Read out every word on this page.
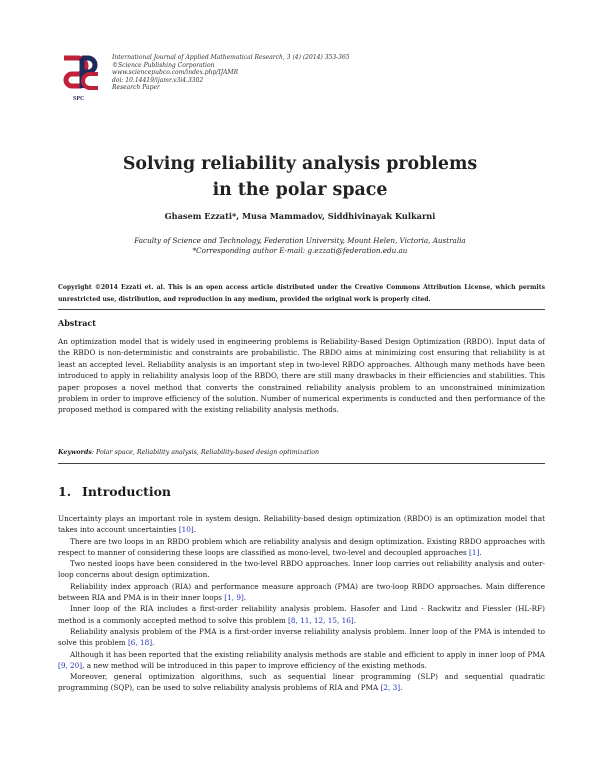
SPC
International Journal of Applied Mathematical Research, 3 (4) (2014) 353-365
©Science Publishing Corporation
www.sciencepubco.com/index.php/IJAMR
doi: 10.14419/ijamr.v3i4.3302
Research Paper
Solving reliability analysis problems
in the polar space
Ghasem Ezzati*, Musa Mammadov, Siddhivinayak Kulkarni
Faculty of Science and Technology, Federation University, Mount Helen, Victoria, Australia
*Corresponding author E-mail: g.ezzati@federation.edu.au
Copyright ©2014 Ezzati et. al. This is an open access article distributed under the Creative Commons Attribution License, which permits unrestricted use, distribution, and reproduction in any medium, provided the original work is properly cited.
Abstract
An optimization model that is widely used in engineering problems is Reliability-Based Design Optimization (RBDO). Input data of the RBDO is non-deterministic and constraints are probabilistic. The RBDO aims at minimizing cost ensuring that reliability is at least an accepted level. Reliability analysis is an important step in two-level RBDO approaches. Although many methods have been introduced to apply in reliability analysis loop of the RBDO, there are still many drawbacks in their efficiencies and stabilities. This paper proposes a novel method that converts the constrained reliability analysis problem to an unconstrained minimization problem in order to improve efficiency of the solution. Number of numerical experiments is conducted and then performance of the proposed method is compared with the existing reliability analysis methods.
Keywords: Polar space, Reliability analysis, Reliability-based design optimization
1. Introduction

Uncertainty plays an important role in system design. Reliability-based design optimization (RBDO) is an optimization model that takes into account uncertainties [10].

There are two loops in an RBDO problem which are reliability analysis and design optimization. Existing RBDO approaches with respect to manner of considering these loops are classified as mono-level, two-level and decoupled approaches [1].

Two nested loops have been considered in the two-level RBDO approaches. Inner loop carries out reliability analysis and outer-loop concerns about design optimization.

Reliability index approach (RIA) and performance measure approach (PMA) are two-loop RBDO approaches. Main difference between RIA and PMA is in their inner loops [1, 9].

Inner loop of the RIA includes a first-order reliability analysis problem. Hasofer and Lind - Rackwitz and Fiessler (HL-RF) method is a commonly accepted method to solve this problem [8, 11, 12, 15, 16].

Reliability analysis problem of the PMA is a first-order inverse reliability analysis problem. Inner loop of the PMA is intended to solve this problem [6, 18].

Although it has been reported that the existing reliability analysis methods are stable and efficient to apply in inner loop of PMA [9, 20], a new method will be introduced in this paper to improve efficiency of the existing methods.

Moreover, general optimization algorithms, such as sequential linear programming (SLP) and sequential quadratic programming (SQP), can be used to solve reliability analysis problems of RIA and PMA [2, 3].
